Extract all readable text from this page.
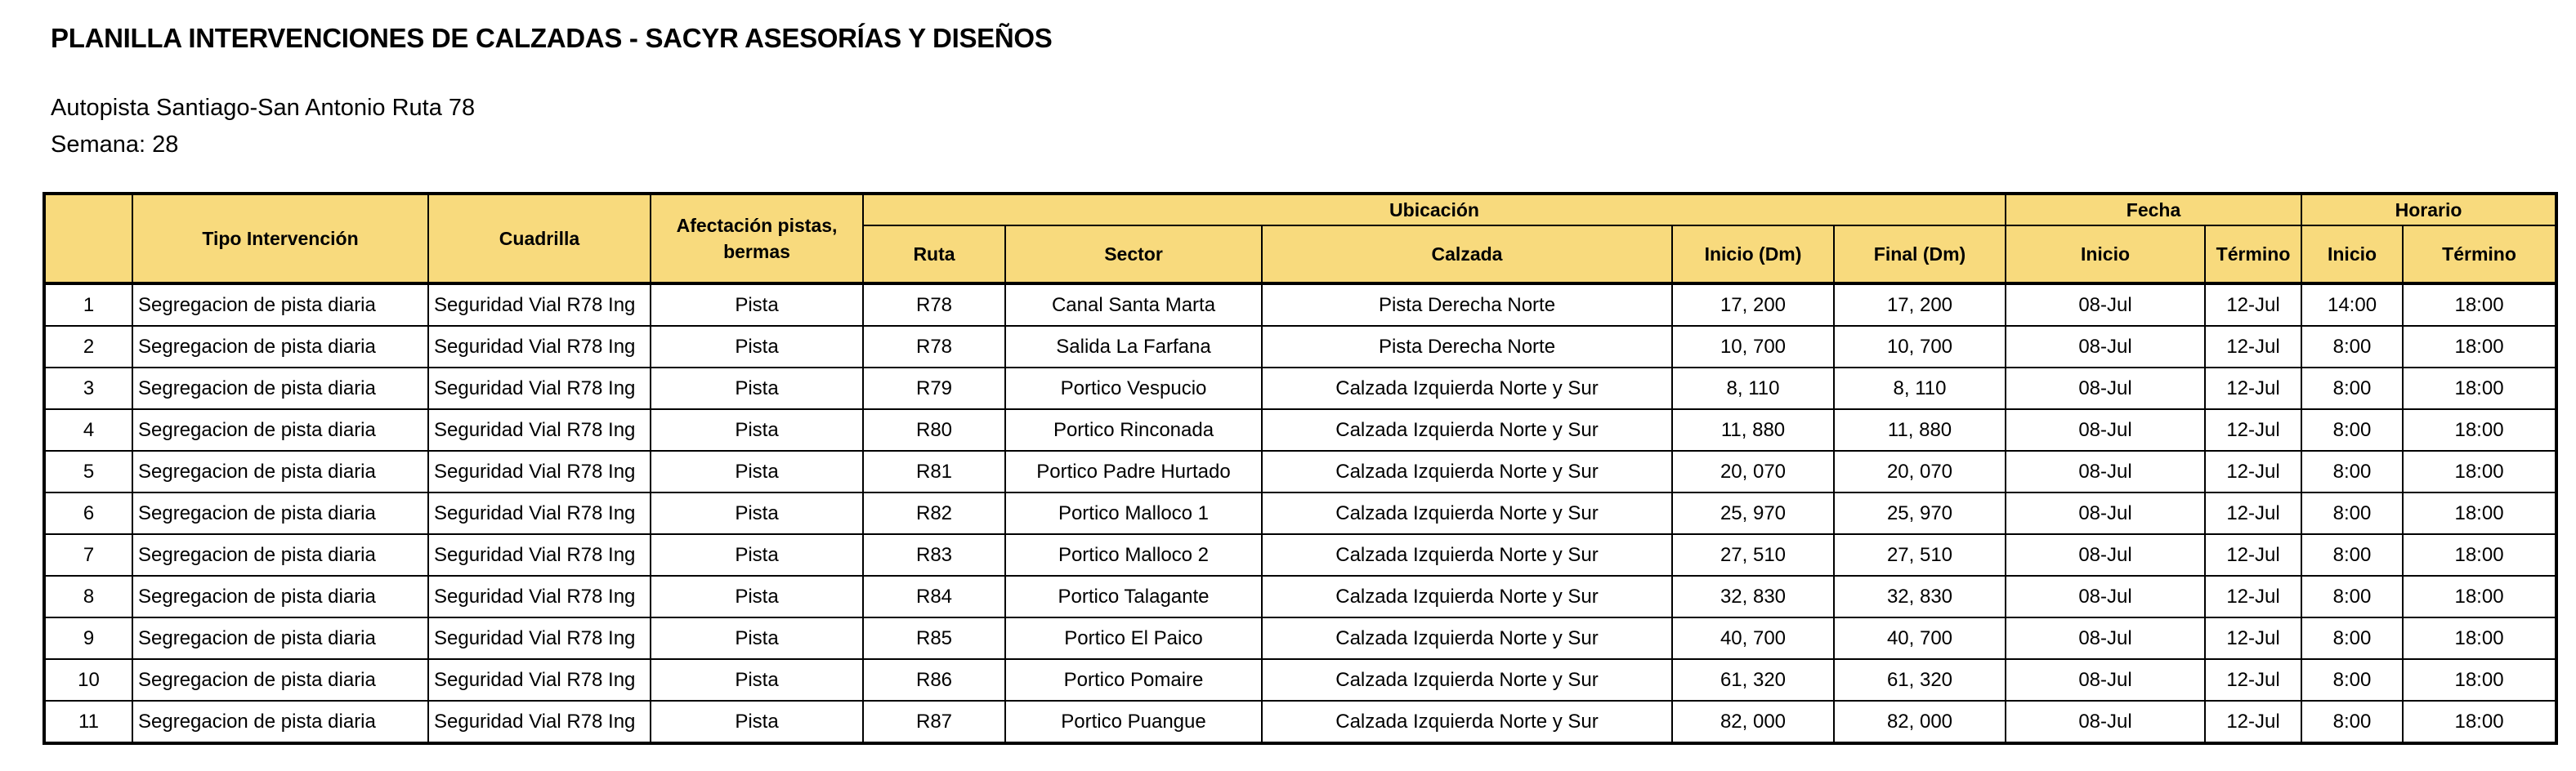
PLANILLA INTERVENCIONES DE CALZADAS - SACYR ASESORÍAS Y DISEÑOS
Autopista Santiago-San Antonio Ruta 78
Semana: 28
	Tipo Intervención	Cuadrilla	Afectación pistas, bermas	Ubicación					Fecha		Horario	
				Ruta	Sector	Calzada	Inicio (Dm)	Final (Dm)	Inicio	Término	Inicio	Término
1	Segregacion de pista diaria	Seguridad Vial R78 Ing	Pista	R78	Canal Santa Marta	Pista Derecha Norte	17, 200	17, 200	08-Jul	12-Jul	14:00	18:00
2	Segregacion de pista diaria	Seguridad Vial R78 Ing	Pista	R78	Salida La Farfana	Pista Derecha Norte	10, 700	10, 700	08-Jul	12-Jul	8:00	18:00
3	Segregacion de pista diaria	Seguridad Vial R78 Ing	Pista	R79	Portico Vespucio	Calzada Izquierda Norte y Sur	8, 110	8, 110	08-Jul	12-Jul	8:00	18:00
4	Segregacion de pista diaria	Seguridad Vial R78 Ing	Pista	R80	Portico Rinconada	Calzada Izquierda Norte y Sur	11, 880	11, 880	08-Jul	12-Jul	8:00	18:00
5	Segregacion de pista diaria	Seguridad Vial R78 Ing	Pista	R81	Portico Padre Hurtado	Calzada Izquierda Norte y Sur	20, 070	20, 070	08-Jul	12-Jul	8:00	18:00
6	Segregacion de pista diaria	Seguridad Vial R78 Ing	Pista	R82	Portico Malloco 1	Calzada Izquierda Norte y Sur	25, 970	25, 970	08-Jul	12-Jul	8:00	18:00
7	Segregacion de pista diaria	Seguridad Vial R78 Ing	Pista	R83	Portico Malloco 2	Calzada Izquierda Norte y Sur	27, 510	27, 510	08-Jul	12-Jul	8:00	18:00
8	Segregacion de pista diaria	Seguridad Vial R78 Ing	Pista	R84	Portico Talagante	Calzada Izquierda Norte y Sur	32, 830	32, 830	08-Jul	12-Jul	8:00	18:00
9	Segregacion de pista diaria	Seguridad Vial R78 Ing	Pista	R85	Portico El Paico	Calzada Izquierda Norte y Sur	40, 700	40, 700	08-Jul	12-Jul	8:00	18:00
10	Segregacion de pista diaria	Seguridad Vial R78 Ing	Pista	R86	Portico Pomaire	Calzada Izquierda Norte y Sur	61, 320	61, 320	08-Jul	12-Jul	8:00	18:00
11	Segregacion de pista diaria	Seguridad Vial R78 Ing	Pista	R87	Portico Puangue	Calzada Izquierda Norte y Sur	82, 000	82, 000	08-Jul	12-Jul	8:00	18:00
